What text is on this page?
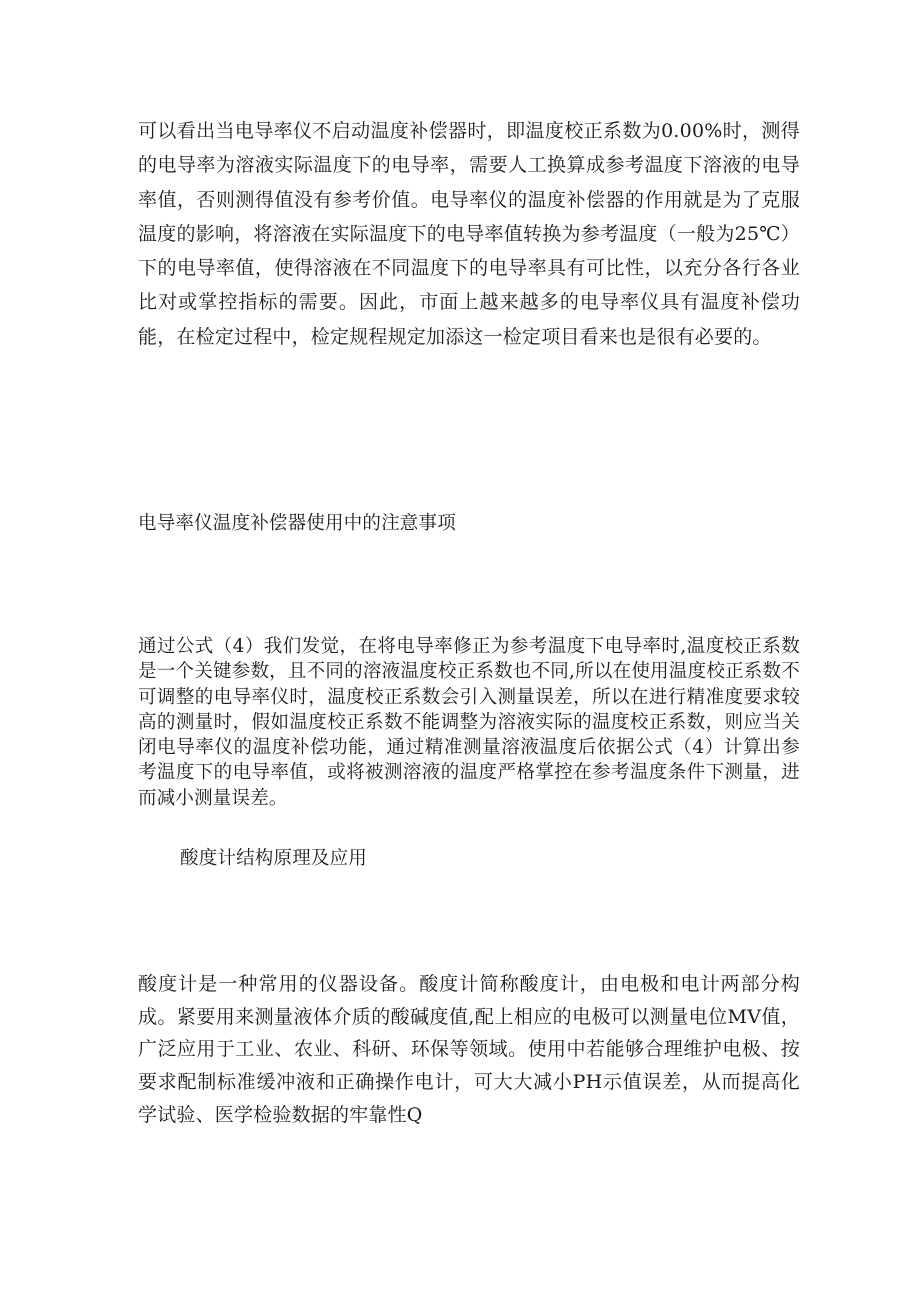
可以看出当电导率仪不启动温度补偿器时，即温度校正系数为0.00%时，测得的电导率为溶液实际温度下的电导率，需要人工换算成参考温度下溶液的电导率值，否则测得值没有参考价值。电导率仪的温度补偿器的作用就是为了克服温度的影响，将溶液在实际温度下的电导率值转换为参考温度（一般为25℃）下的电导率值，使得溶液在不同温度下的电导率具有可比性，以充分各行各业比对或掌控指标的需要。因此，市面上越来越多的电导率仪具有温度补偿功能，在检定过程中，检定规程规定加添这一检定项目看来也是很有必要的。

电导率仪温度补偿器使用中的注意事项

通过公式（4）我们发觉，在将电导率修正为参考温度下电导率时,温度校正系数是一个关键参数，且不同的溶液温度校正系数也不同,所以在使用温度校正系数不可调整的电导率仪时，温度校正系数会引入测量误差，所以在进行精准度要求较高的测量时，假如温度校正系数不能调整为溶液实际的温度校正系数，则应当关闭电导率仪的温度补偿功能，通过精准测量溶液温度后依据公式（4）计算出参考温度下的电导率值，或将被测溶液的温度严格掌控在参考温度条件下测量，进而减小测量误差。

酸度计结构原理及应用

酸度计是一种常用的仪器设备。酸度计简称酸度计，由电极和电计两部分构成。紧要用来测量液体介质的酸碱度值,配上相应的电极可以测量电位MV值，广泛应用于工业、农业、科研、环保等领域。使用中若能够合理维护电极、按要求配制标准缓冲液和正确操作电计，可大大减小PH示值误差，从而提高化学试验、医学检验数据的牢靠性Q
